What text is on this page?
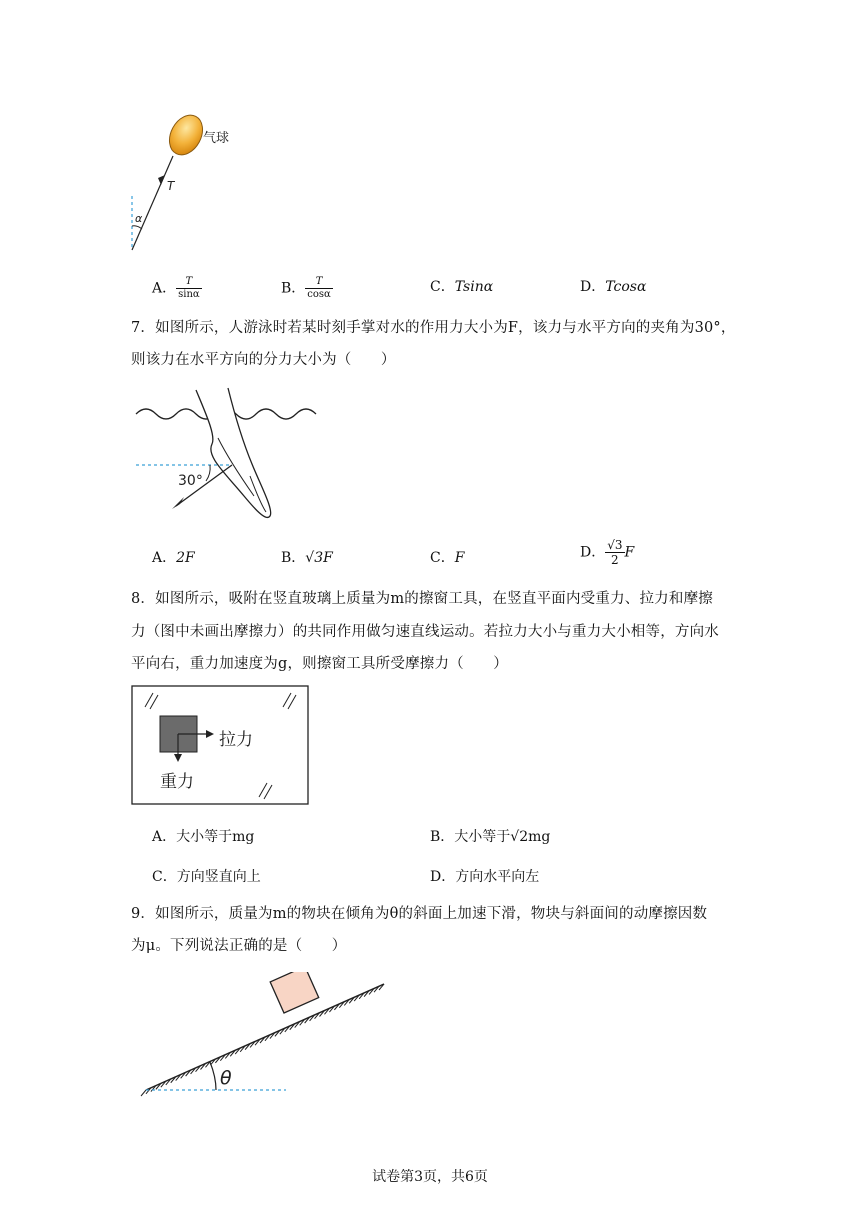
气球
T
α
A． $\frac{T}{\sin\alpha}$	B． $\frac{T}{\cos\alpha}$	C．Tsinα	D．Tcosα
7．如图所示，人游泳时若某时刻手掌对水的作用力大小为F，该力与水平方向的夹角为30°，
则该力在水平方向的分力大小为（　　）
30°
A．2F	B．√3F	C．F	D． $\frac{√3}{2}$ F
8．如图所示，吸附在竖直玻璃上质量为m的擦窗工具，在竖直平面内受重力、拉力和摩擦
力（图中未画出摩擦力）的共同作用做匀速直线运动。若拉力大小与重力大小相等，方向水
平向右，重力加速度为g，则擦窗工具所受摩擦力（　　）
拉力
重力
A．大小等于mg	B．大小等于√2mg
C．方向竖直向上	D．方向水平向左
9．如图所示，质量为m的物块在倾角为θ的斜面上加速下滑，物块与斜面间的动摩擦因数
为μ。下列说法正确的是（　　）
θ
试卷第3页，共6页
